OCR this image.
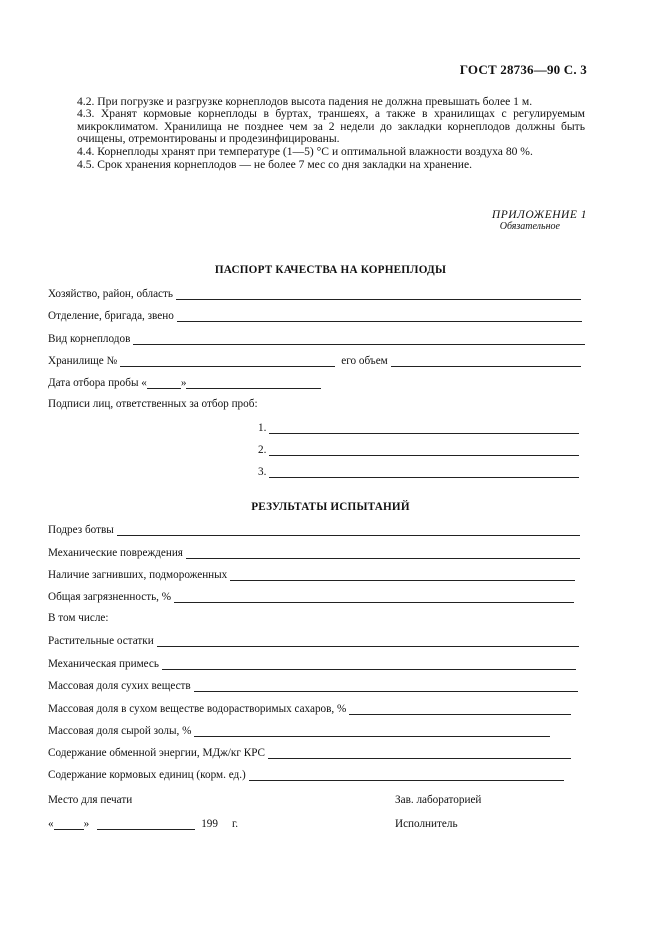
ГОСТ 28736—90 С. 3
4.2. При погрузке и разгрузке корнеплодов высота падения не должна превышать более 1 м.
4.3. Хранят кормовые корнеплоды в буртах, траншеях, а также в хранилищах с регулируемым микроклиматом. Хранилища не позднее чем за 2 недели до закладки корнеплодов должны быть очищены, отремонтированы и продезинфицированы.
4.4. Корнеплоды хранят при температуре (1—5) °С и оптимальной влажности воздуха 80 %.
4.5. Срок хранения корнеплодов — не более 7 мес со дня закладки на хранение.
ПРИЛОЖЕНИЕ 1
Обязательное
ПАСПОРТ КАЧЕСТВА НА КОРНЕПЛОДЫ
Хозяйство, район, область
Отделение, бригада, звено
Вид корнеплодов
Хранилище №	его объем
Дата отбора пробы «	»
Подписи лиц, ответственных за отбор проб:
1.
2.
3.
РЕЗУЛЬТАТЫ ИСПЫТАНИЙ
Подрез ботвы
Механические повреждения
Наличие загнивших, подмороженных
Общая загрязненность, %
В том числе:
Растительные остатки
Механическая примесь
Массовая доля сухих веществ
Массовая доля в сухом веществе водорастворимых сахаров, %
Массовая доля сырой золы, %
Содержание обменной энергии, МДж/кг КРС
Содержание кормовых единиц (корм. ед.)
Место для печати	Зав. лабораторией
«	»	199 г.	Исполнитель
